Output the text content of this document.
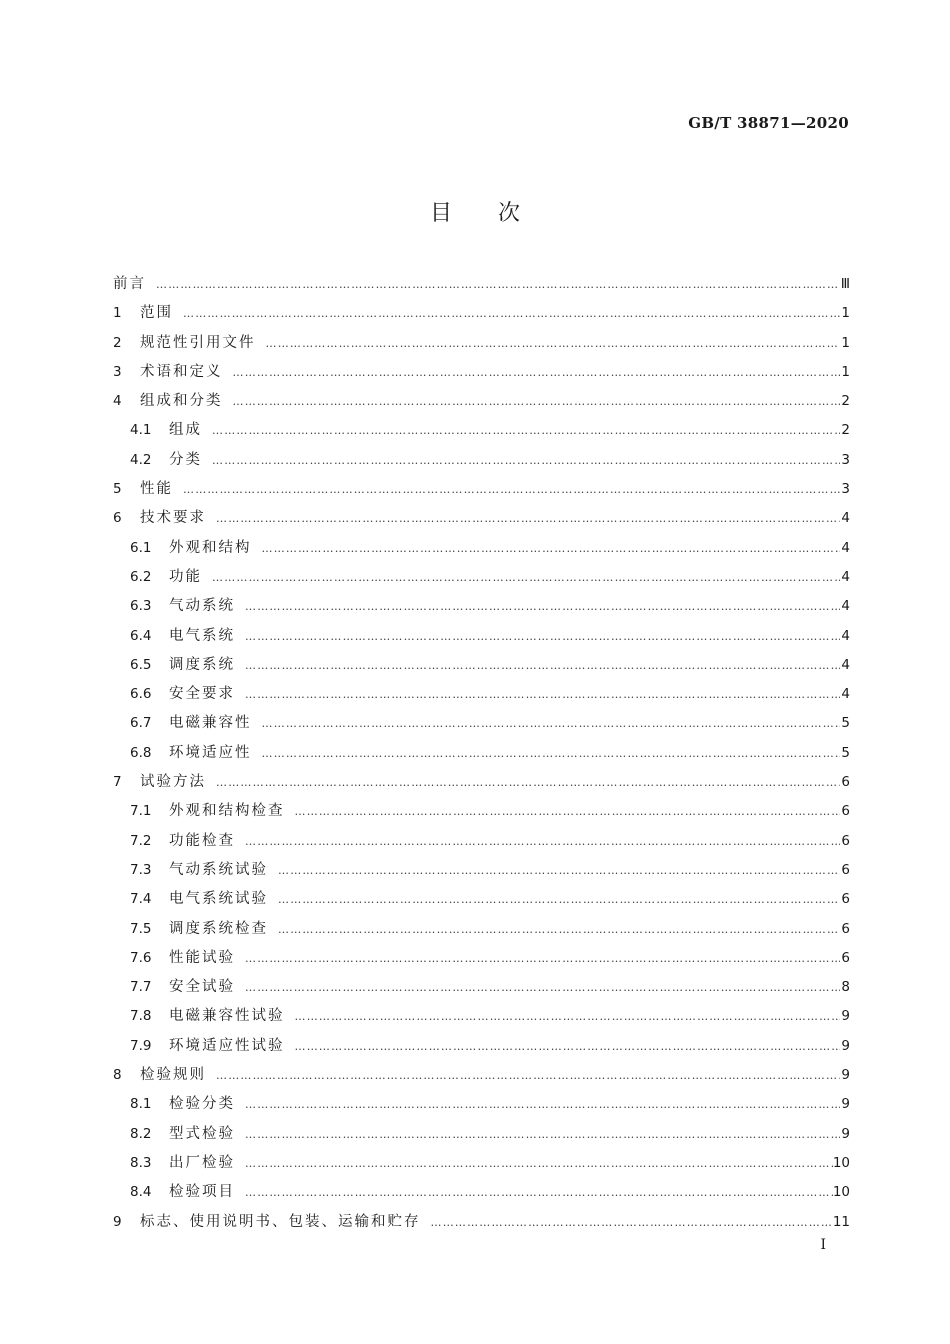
GB/T 38871—2020
目次
前言 ……………………………………………………………………………………………………………………………………………………………………………………………………………………………………………………	Ⅲ
1	范围 ……………………………………………………………………………………………………………………………………………………………………………………………………………………………………………………	1
2	规范性引用文件 ……………………………………………………………………………………………………………………………………………………………………………………………………………………………………………………	1
3	术语和定义 ……………………………………………………………………………………………………………………………………………………………………………………………………………………………………………………	1
4	组成和分类 ……………………………………………………………………………………………………………………………………………………………………………………………………………………………………………………	2
4.1	组成 ……………………………………………………………………………………………………………………………………………………………………………………………………………………………………………………	2
4.2	分类 ……………………………………………………………………………………………………………………………………………………………………………………………………………………………………………………	3
5	性能 ……………………………………………………………………………………………………………………………………………………………………………………………………………………………………………………	3
6	技术要求 ……………………………………………………………………………………………………………………………………………………………………………………………………………………………………………………	4
6.1	外观和结构 ……………………………………………………………………………………………………………………………………………………………………………………………………………………………………………………	4
6.2	功能 ……………………………………………………………………………………………………………………………………………………………………………………………………………………………………………………	4
6.3	气动系统 ……………………………………………………………………………………………………………………………………………………………………………………………………………………………………………………	4
6.4	电气系统 ……………………………………………………………………………………………………………………………………………………………………………………………………………………………………………………	4
6.5	调度系统 ……………………………………………………………………………………………………………………………………………………………………………………………………………………………………………………	4
6.6	安全要求 ……………………………………………………………………………………………………………………………………………………………………………………………………………………………………………………	4
6.7	电磁兼容性 ……………………………………………………………………………………………………………………………………………………………………………………………………………………………………………………	5
6.8	环境适应性 ……………………………………………………………………………………………………………………………………………………………………………………………………………………………………………………	5
7	试验方法 ……………………………………………………………………………………………………………………………………………………………………………………………………………………………………………………	6
7.1	外观和结构检查 ……………………………………………………………………………………………………………………………………………………………………………………………………………………………………………………	6
7.2	功能检查 ……………………………………………………………………………………………………………………………………………………………………………………………………………………………………………………	6
7.3	气动系统试验 ……………………………………………………………………………………………………………………………………………………………………………………………………………………………………………………	6
7.4	电气系统试验 ……………………………………………………………………………………………………………………………………………………………………………………………………………………………………………………	6
7.5	调度系统检查 ……………………………………………………………………………………………………………………………………………………………………………………………………………………………………………………	6
7.6	性能试验 ……………………………………………………………………………………………………………………………………………………………………………………………………………………………………………………	6
7.7	安全试验 ……………………………………………………………………………………………………………………………………………………………………………………………………………………………………………………	8
7.8	电磁兼容性试验 ……………………………………………………………………………………………………………………………………………………………………………………………………………………………………………………	9
7.9	环境适应性试验 ……………………………………………………………………………………………………………………………………………………………………………………………………………………………………………………	9
8	检验规则 ……………………………………………………………………………………………………………………………………………………………………………………………………………………………………………………	9
8.1	检验分类 ……………………………………………………………………………………………………………………………………………………………………………………………………………………………………………………	9
8.2	型式检验 ……………………………………………………………………………………………………………………………………………………………………………………………………………………………………………………	9
8.3	出厂检验 ……………………………………………………………………………………………………………………………………………………………………………………………………………………………………………………	10
8.4	检验项目 ……………………………………………………………………………………………………………………………………………………………………………………………………………………………………………………	10
9	标志、使用说明书、包装、运输和贮存 ……………………………………………………………………………………………………………………………………………………………………………………………………………………………………………………	11
Ⅰ
